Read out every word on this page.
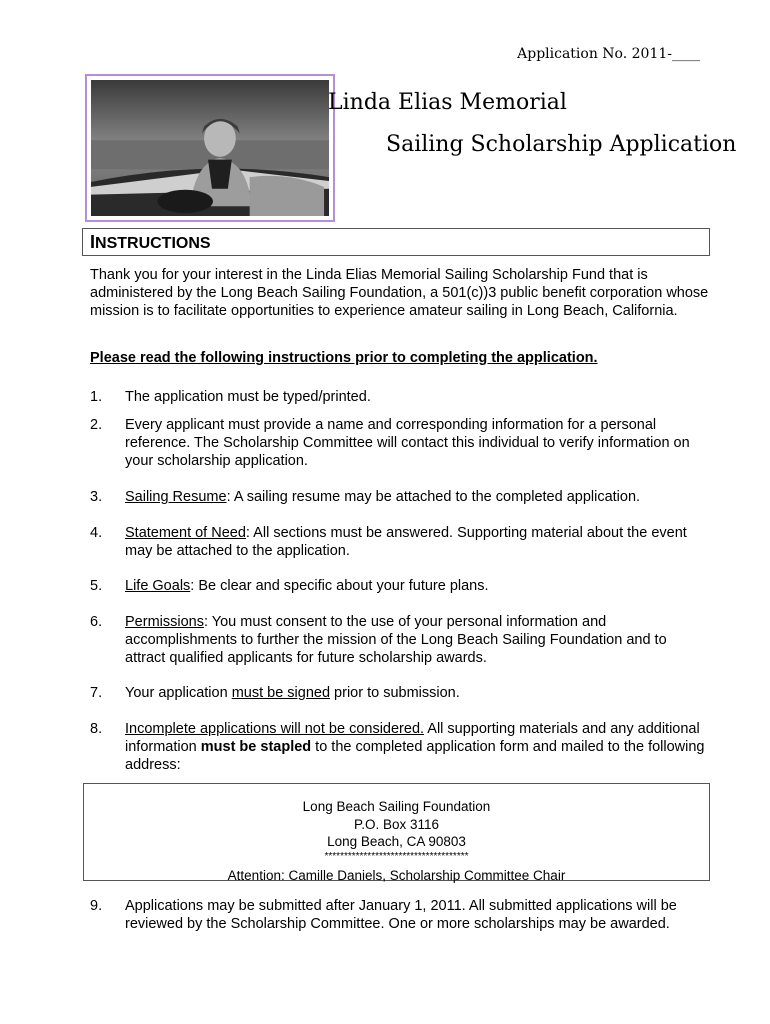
Application No. 2011-____
Linda Elias Memorial
Sailing Scholarship Application
INSTRUCTIONS
Thank you for your interest in the Linda Elias Memorial Sailing Scholarship Fund that is administered by the Long Beach Sailing Foundation, a 501(c))3 public benefit corporation whose mission is to facilitate opportunities to experience amateur sailing in Long Beach, California.
Please read the following instructions prior to completing the application.
1. The application must be typed/printed.
2. Every applicant must provide a name and corresponding information for a personal reference. The Scholarship Committee will contact this individual to verify information on your scholarship application.
3. Sailing Resume: A sailing resume may be attached to the completed application.
4. Statement of Need: All sections must be answered. Supporting material about the event may be attached to the application.
5. Life Goals: Be clear and specific about your future plans.
6. Permissions: You must consent to the use of your personal information and accomplishments to further the mission of the Long Beach Sailing Foundation and to attract qualified applicants for future scholarship awards.
7. Your application must be signed prior to submission.
8. Incomplete applications will not be considered. All supporting materials and any additional information must be stapled to the completed application form and mailed to the following address:
Long Beach Sailing Foundation
P.O. Box 3116
Long Beach, CA 90803
*************************************
Attention: Camille Daniels, Scholarship Committee Chair
9. Applications may be submitted after January 1, 2011. All submitted applications will be reviewed by the Scholarship Committee. One or more scholarships may be awarded.
